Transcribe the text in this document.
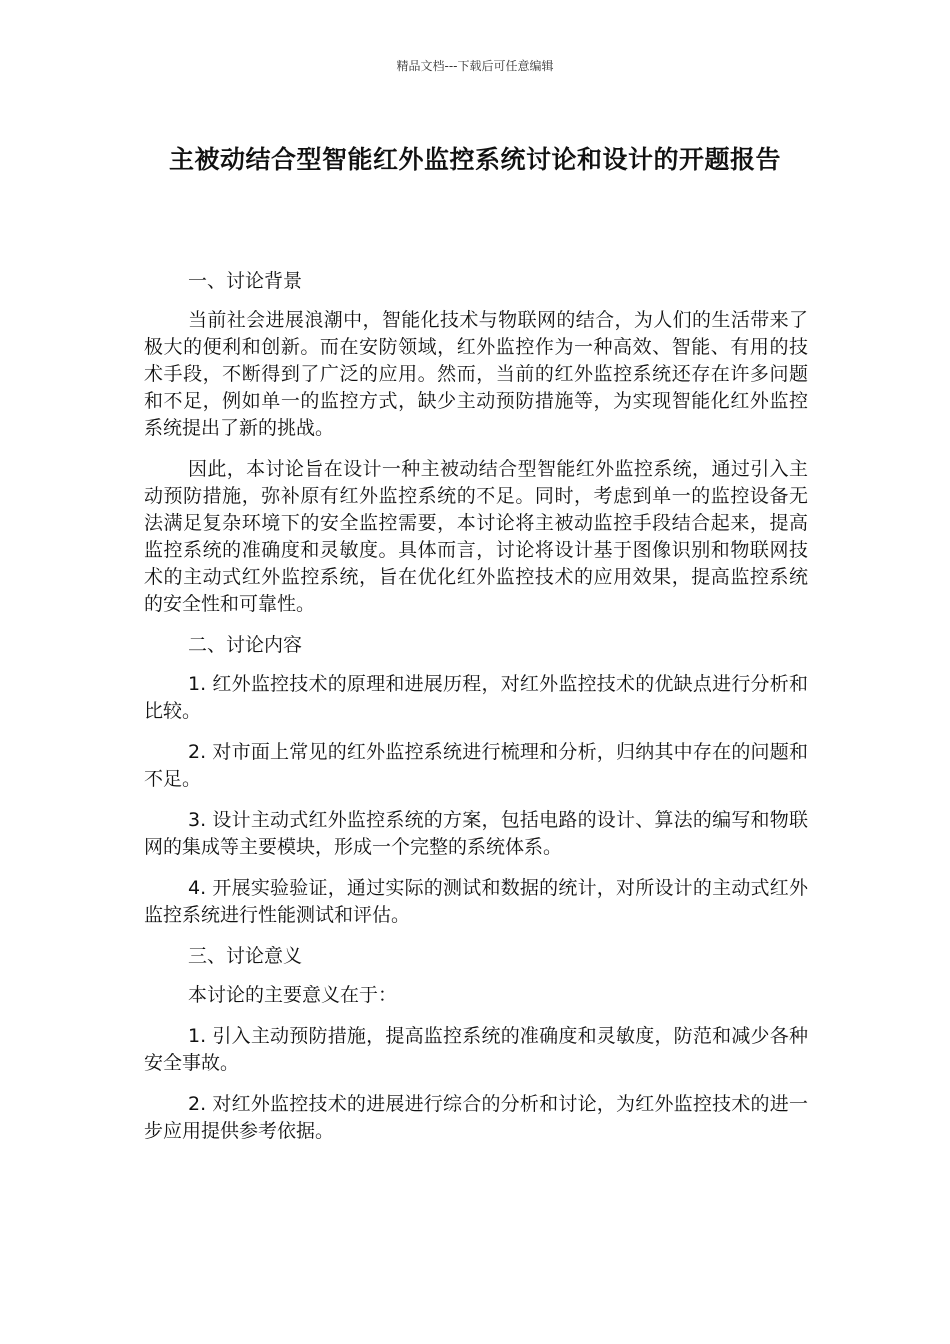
精品文档---下载后可任意编辑
主被动结合型智能红外监控系统讨论和设计的开题报告

一、讨论背景

当前社会进展浪潮中，智能化技术与物联网的结合，为人们的生活带来了极大的便利和创新。而在安防领域，红外监控作为一种高效、智能、有用的技术手段，不断得到了广泛的应用。然而，当前的红外监控系统还存在许多问题和不足，例如单一的监控方式，缺少主动预防措施等，为实现智能化红外监控系统提出了新的挑战。

因此，本讨论旨在设计一种主被动结合型智能红外监控系统，通过引入主动预防措施，弥补原有红外监控系统的不足。同时，考虑到单一的监控设备无法满足复杂环境下的安全监控需要，本讨论将主被动监控手段结合起来，提高监控系统的准确度和灵敏度。具体而言，讨论将设计基于图像识别和物联网技术的主动式红外监控系统，旨在优化红外监控技术的应用效果，提高监控系统的安全性和可靠性。

二、讨论内容

1. 红外监控技术的原理和进展历程，对红外监控技术的优缺点进行分析和比较。

2. 对市面上常见的红外监控系统进行梳理和分析，归纳其中存在的问题和不足。

3. 设计主动式红外监控系统的方案，包括电路的设计、算法的编写和物联网的集成等主要模块，形成一个完整的系统体系。

4. 开展实验验证，通过实际的测试和数据的统计，对所设计的主动式红外监控系统进行性能测试和评估。

三、讨论意义

本讨论的主要意义在于：

1. 引入主动预防措施，提高监控系统的准确度和灵敏度，防范和减少各种安全事故。

2. 对红外监控技术的进展进行综合的分析和讨论，为红外监控技术的进一步应用提供参考依据。
